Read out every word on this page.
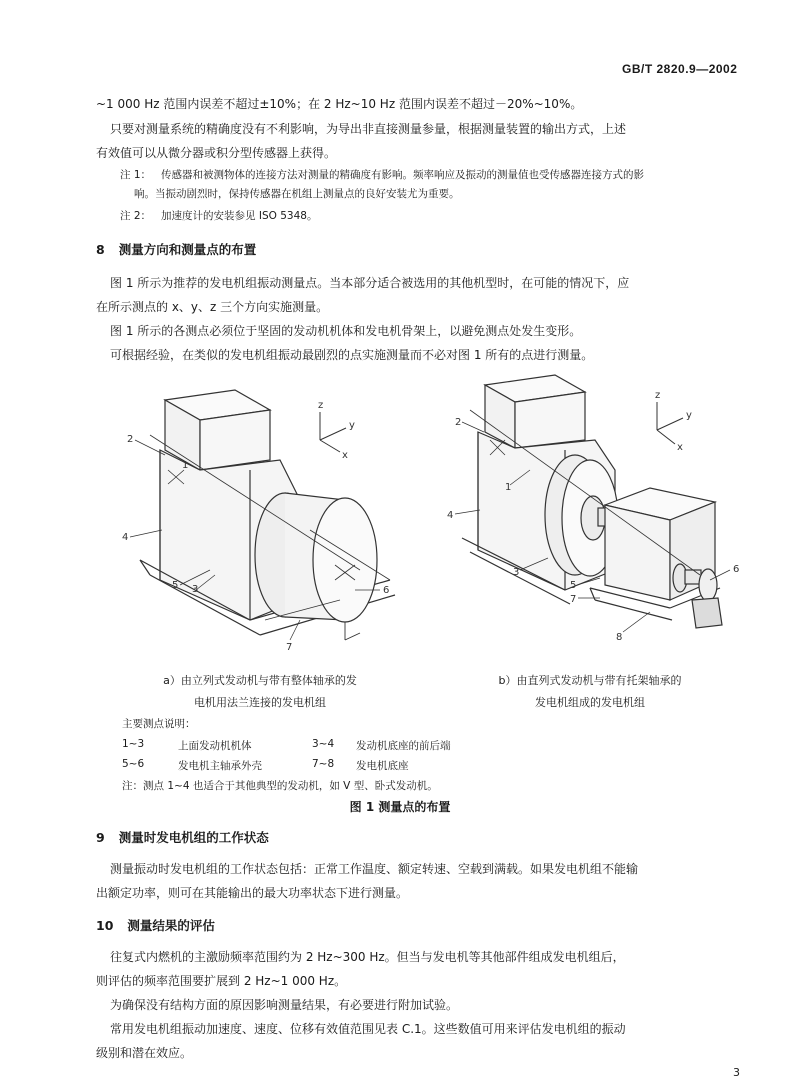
GB/T 2820.9—2002

~1 000 Hz 范围内误差不超过±10%；在 2 Hz~10 Hz 范围内误差不超过－20%~10%。

只要对测量系统的精确度没有不利影响，为导出非直接测量参量，根据测量装置的输出方式，上述

有效值可以从微分器或积分型传感器上获得。

注 1： 传感器和被测物体的连接方法对测量的精确度有影响。频率响应及振动的测量值也受传感器连接方式的影
响。当振动剧烈时，保持传感器在机组上测量点的良好安装尤为重要。
注 2： 加速度计的安装参见 ISO 5348。
8 测量方向和测量点的布置

图 1 所示为推荐的发电机组振动测量点。当本部分适合被选用的其他机型时，在可能的情况下，应

在所示测点的 x、y、z 三个方向实施测量。

图 1 所示的各测点必须位于坚固的发动机机体和发电机骨架上，以避免测点处发生变形。

可根据经验，在类似的发电机组振动最剧烈的点实施测量而不必对图 1 所有的点进行测量。

z
y
x
z
y
x
1
2
3
4
5	6
7
1
2
3
4
5
6
7
8
a）由立列式发动机与带有整体轴承的发
电机用法兰连接的发电机组
b）由直列式发动机与带有托架轴承的
发电机组成的发电机组
主要测点说明：
1~3	上面发动机机体	3~4 发动机底座的前后端
5~6	发电机主轴承外壳	7~8 发电机底座
注：测点 1~4 也适合于其他典型的发动机，如 V 型、卧式发动机。
图 1 测量点的布置
9 测量时发电机组的工作状态

测量振动时发电机组的工作状态包括：正常工作温度、额定转速、空载到满载。如果发电机组不能输

出额定功率，则可在其能输出的最大功率状态下进行测量。

10 测量结果的评估

往复式内燃机的主激励频率范围约为 2 Hz~300 Hz。但当与发电机等其他部件组成发电机组后，

则评估的频率范围要扩展到 2 Hz~1 000 Hz。

为确保没有结构方面的原因影响测量结果，有必要进行附加试验。

常用发电机组振动加速度、速度、位移有效值范围见表 C.1。这些数值可用来评估发电机组的振动

级别和潜在效应。

3
